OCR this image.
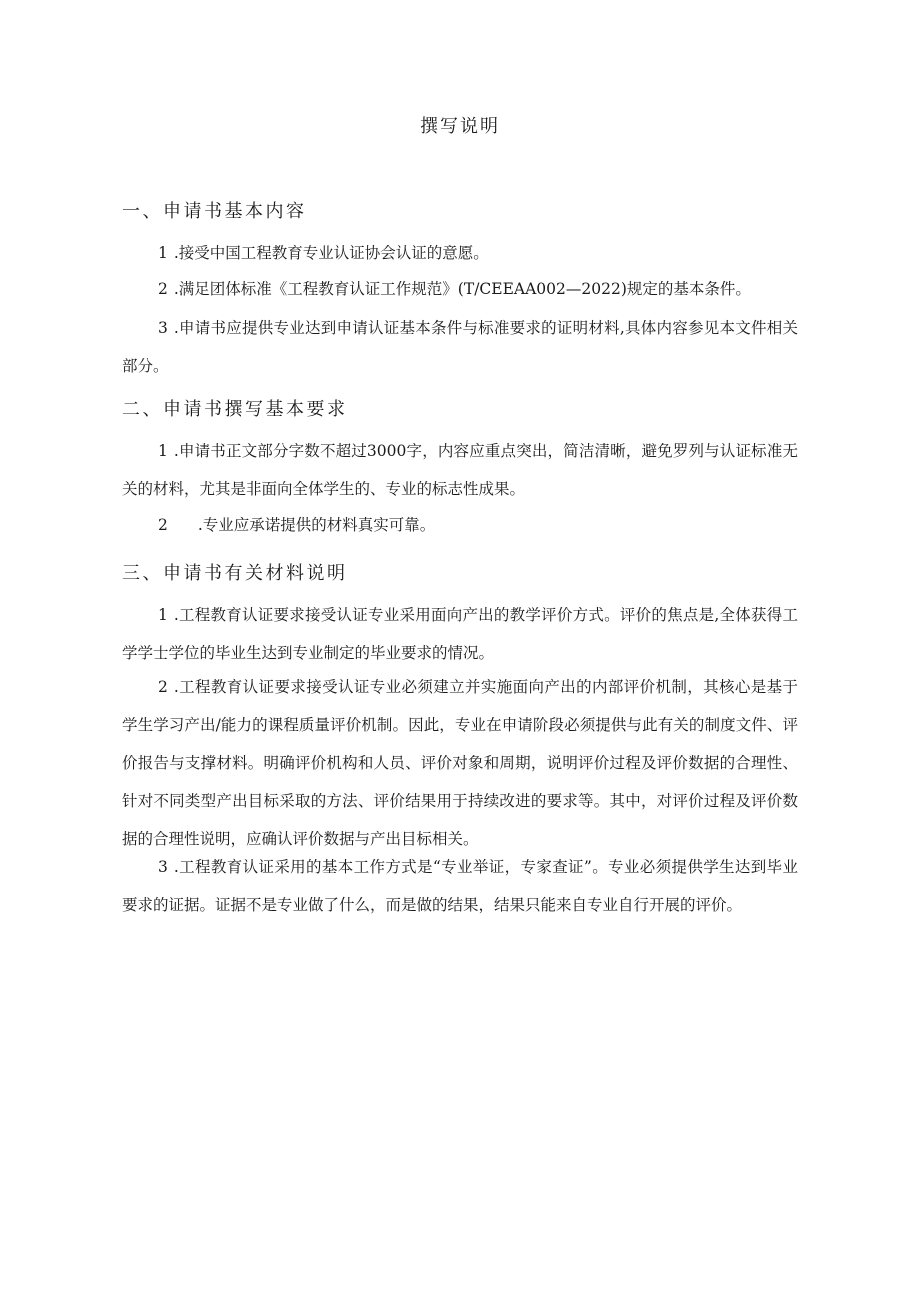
撰写说明
一、申请书基本内容
1 .接受中国工程教育专业认证协会认证的意愿。
2 .满足团体标准《工程教育认证工作规范》(T/CEEAA002—2022)规定的基本条件。
3 .申请书应提供专业达到申请认证基本条件与标准要求的证明材料,具体内容参见本文件相关部分。
二、申请书撰写基本要求
1 .申请书正文部分字数不超过3000字，内容应重点突出，简洁清晰，避免罗列与认证标准无关的材料，尤其是非面向全体学生的、专业的标志性成果。
2 .专业应承诺提供的材料真实可靠。
三、申请书有关材料说明
1 .工程教育认证要求接受认证专业采用面向产出的教学评价方式。评价的焦点是,全体获得工学学士学位的毕业生达到专业制定的毕业要求的情况。
2 .工程教育认证要求接受认证专业必须建立并实施面向产出的内部评价机制，其核心是基于学生学习产出/能力的课程质量评价机制。因此，专业在申请阶段必须提供与此有关的制度文件、评价报告与支撑材料。明确评价机构和人员、评价对象和周期，说明评价过程及评价数据的合理性、针对不同类型产出目标采取的方法、评价结果用于持续改进的要求等。其中，对评价过程及评价数据的合理性说明，应确认评价数据与产出目标相关。
3 .工程教育认证采用的基本工作方式是“专业举证，专家查证”。专业必须提供学生达到毕业要求的证据。证据不是专业做了什么，而是做的结果，结果只能来自专业自行开展的评价。
